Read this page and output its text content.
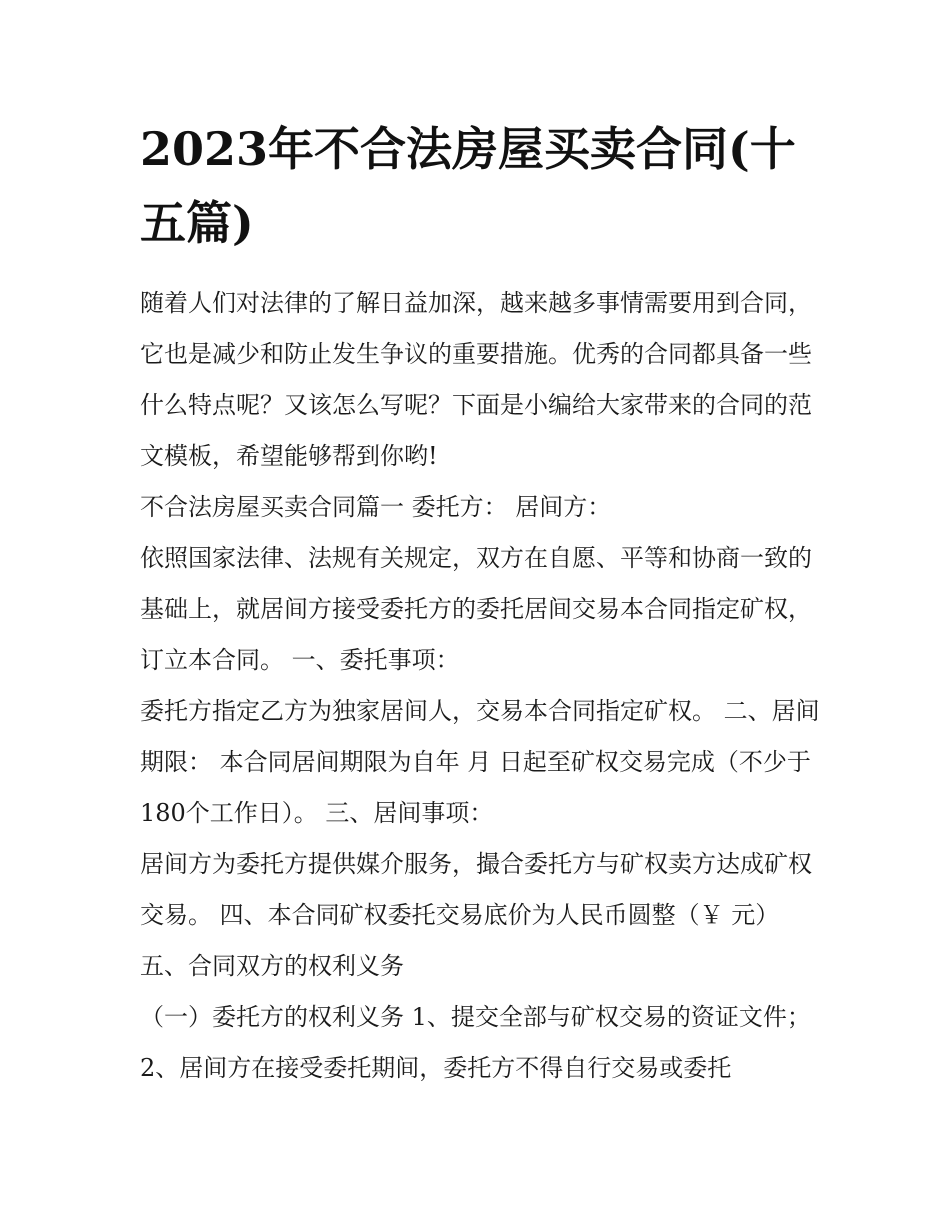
2023年不合法房屋买卖合同(十五篇)

随着人们对法律的了解日益加深，越来越多事情需要用到合同，它也是减少和防止发生争议的重要措施。优秀的合同都具备一些什么特点呢？又该怎么写呢？下面是小编给大家带来的合同的范文模板，希望能够帮到你哟!

不合法房屋买卖合同篇一 委托方： 居间方：

依照国家法律、法规有关规定，双方在自愿、平等和协商一致的基础上，就居间方接受委托方的委托居间交易本合同指定矿权，订立本合同。 一、委托事项：

委托方指定乙方为独家居间人，交易本合同指定矿权。 二、居间期限： 本合同居间期限为自年 月 日起至矿权交易完成（不少于180个工作日）。 三、居间事项：

居间方为委托方提供媒介服务，撮合委托方与矿权卖方达成矿权交易。 四、本合同矿权委托交易底价为人民币圆整（￥ 元） 五、合同双方的权利义务

（一）委托方的权利义务 1、提交全部与矿权交易的资证文件； 2、居间方在接受委托期间，委托方不得自行交易或委托
